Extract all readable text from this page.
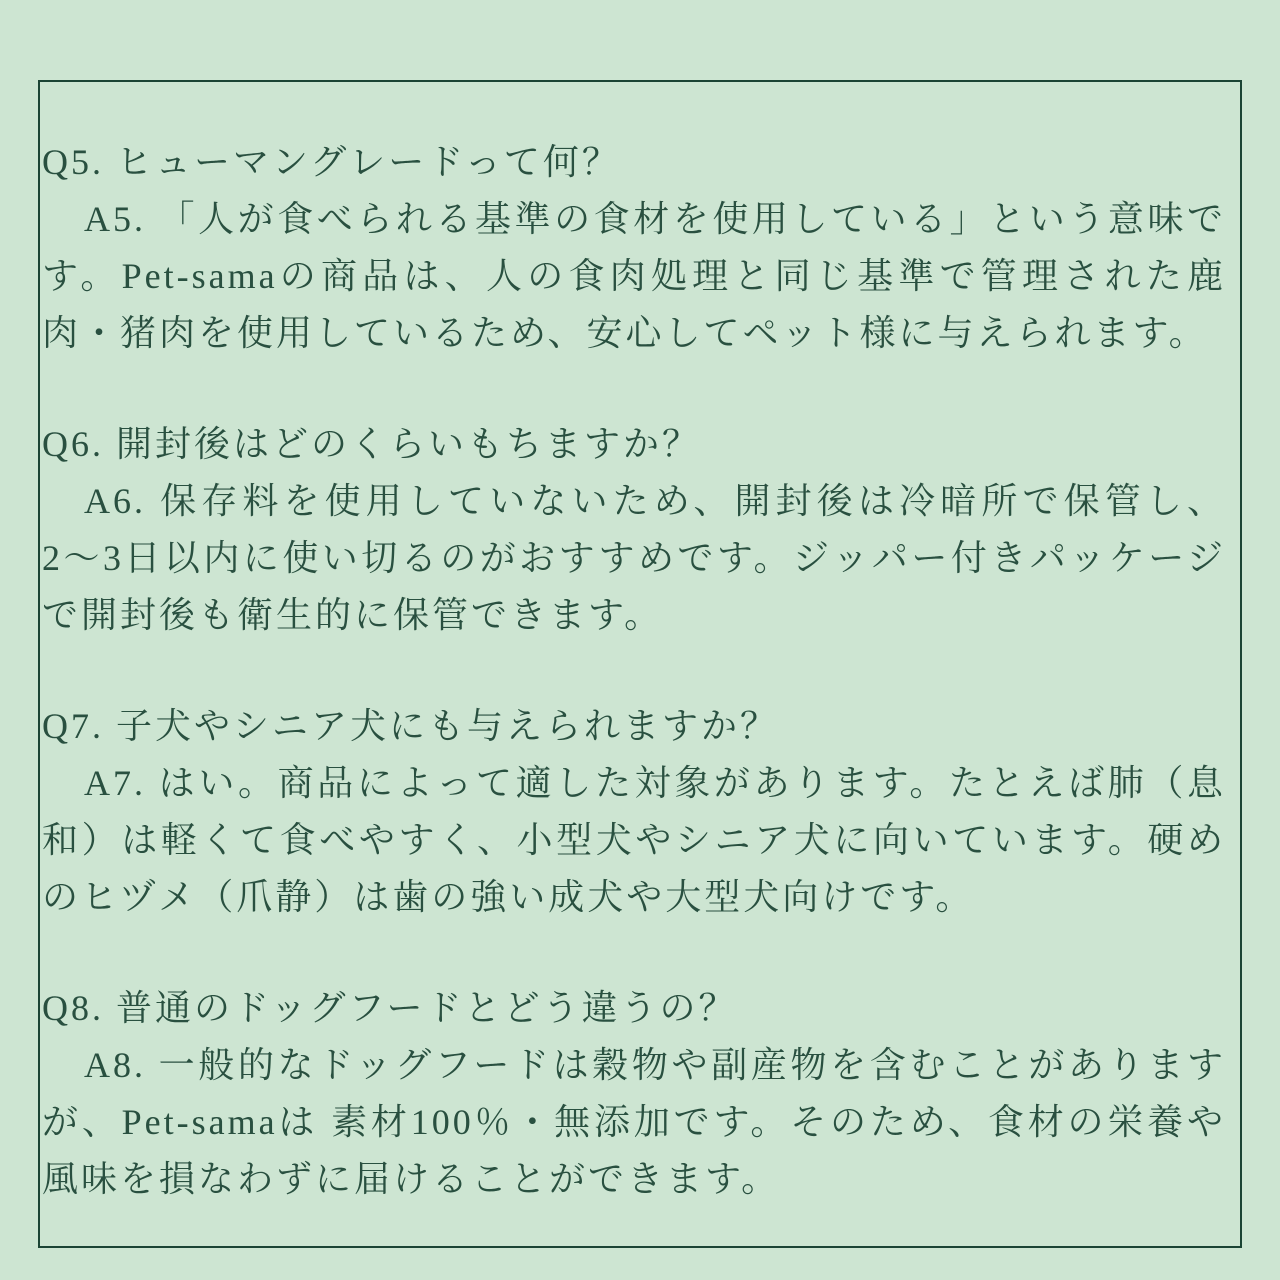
Q5. ヒューマングレードって何？

A5. 「人が食べられる基準の食材を使用している」という意味です。Pet-samaの商品は、人の食肉処理と同じ基準で管理された鹿肉・猪肉を使用しているため、安心してペット様に与えられます。

Q6. 開封後はどのくらいもちますか？

A6. 保存料を使用していないため、開封後は冷暗所で保管し、2〜3日以内に使い切るのがおすすめです。ジッパー付きパッケージで開封後も衛生的に保管できます。

Q7. 子犬やシニア犬にも与えられますか？

A7. はい。商品によって適した対象があります。たとえば肺（息和）は軽くて食べやすく、小型犬やシニア犬に向いています。硬めのヒヅメ（爪静）は歯の強い成犬や大型犬向けです。

Q8. 普通のドッグフードとどう違うの？

A8. 一般的なドッグフードは穀物や副産物を含むことがありますが、Pet-samaは 素材100％・無添加です。そのため、食材の栄養や風味を損なわずに届けることができます。
